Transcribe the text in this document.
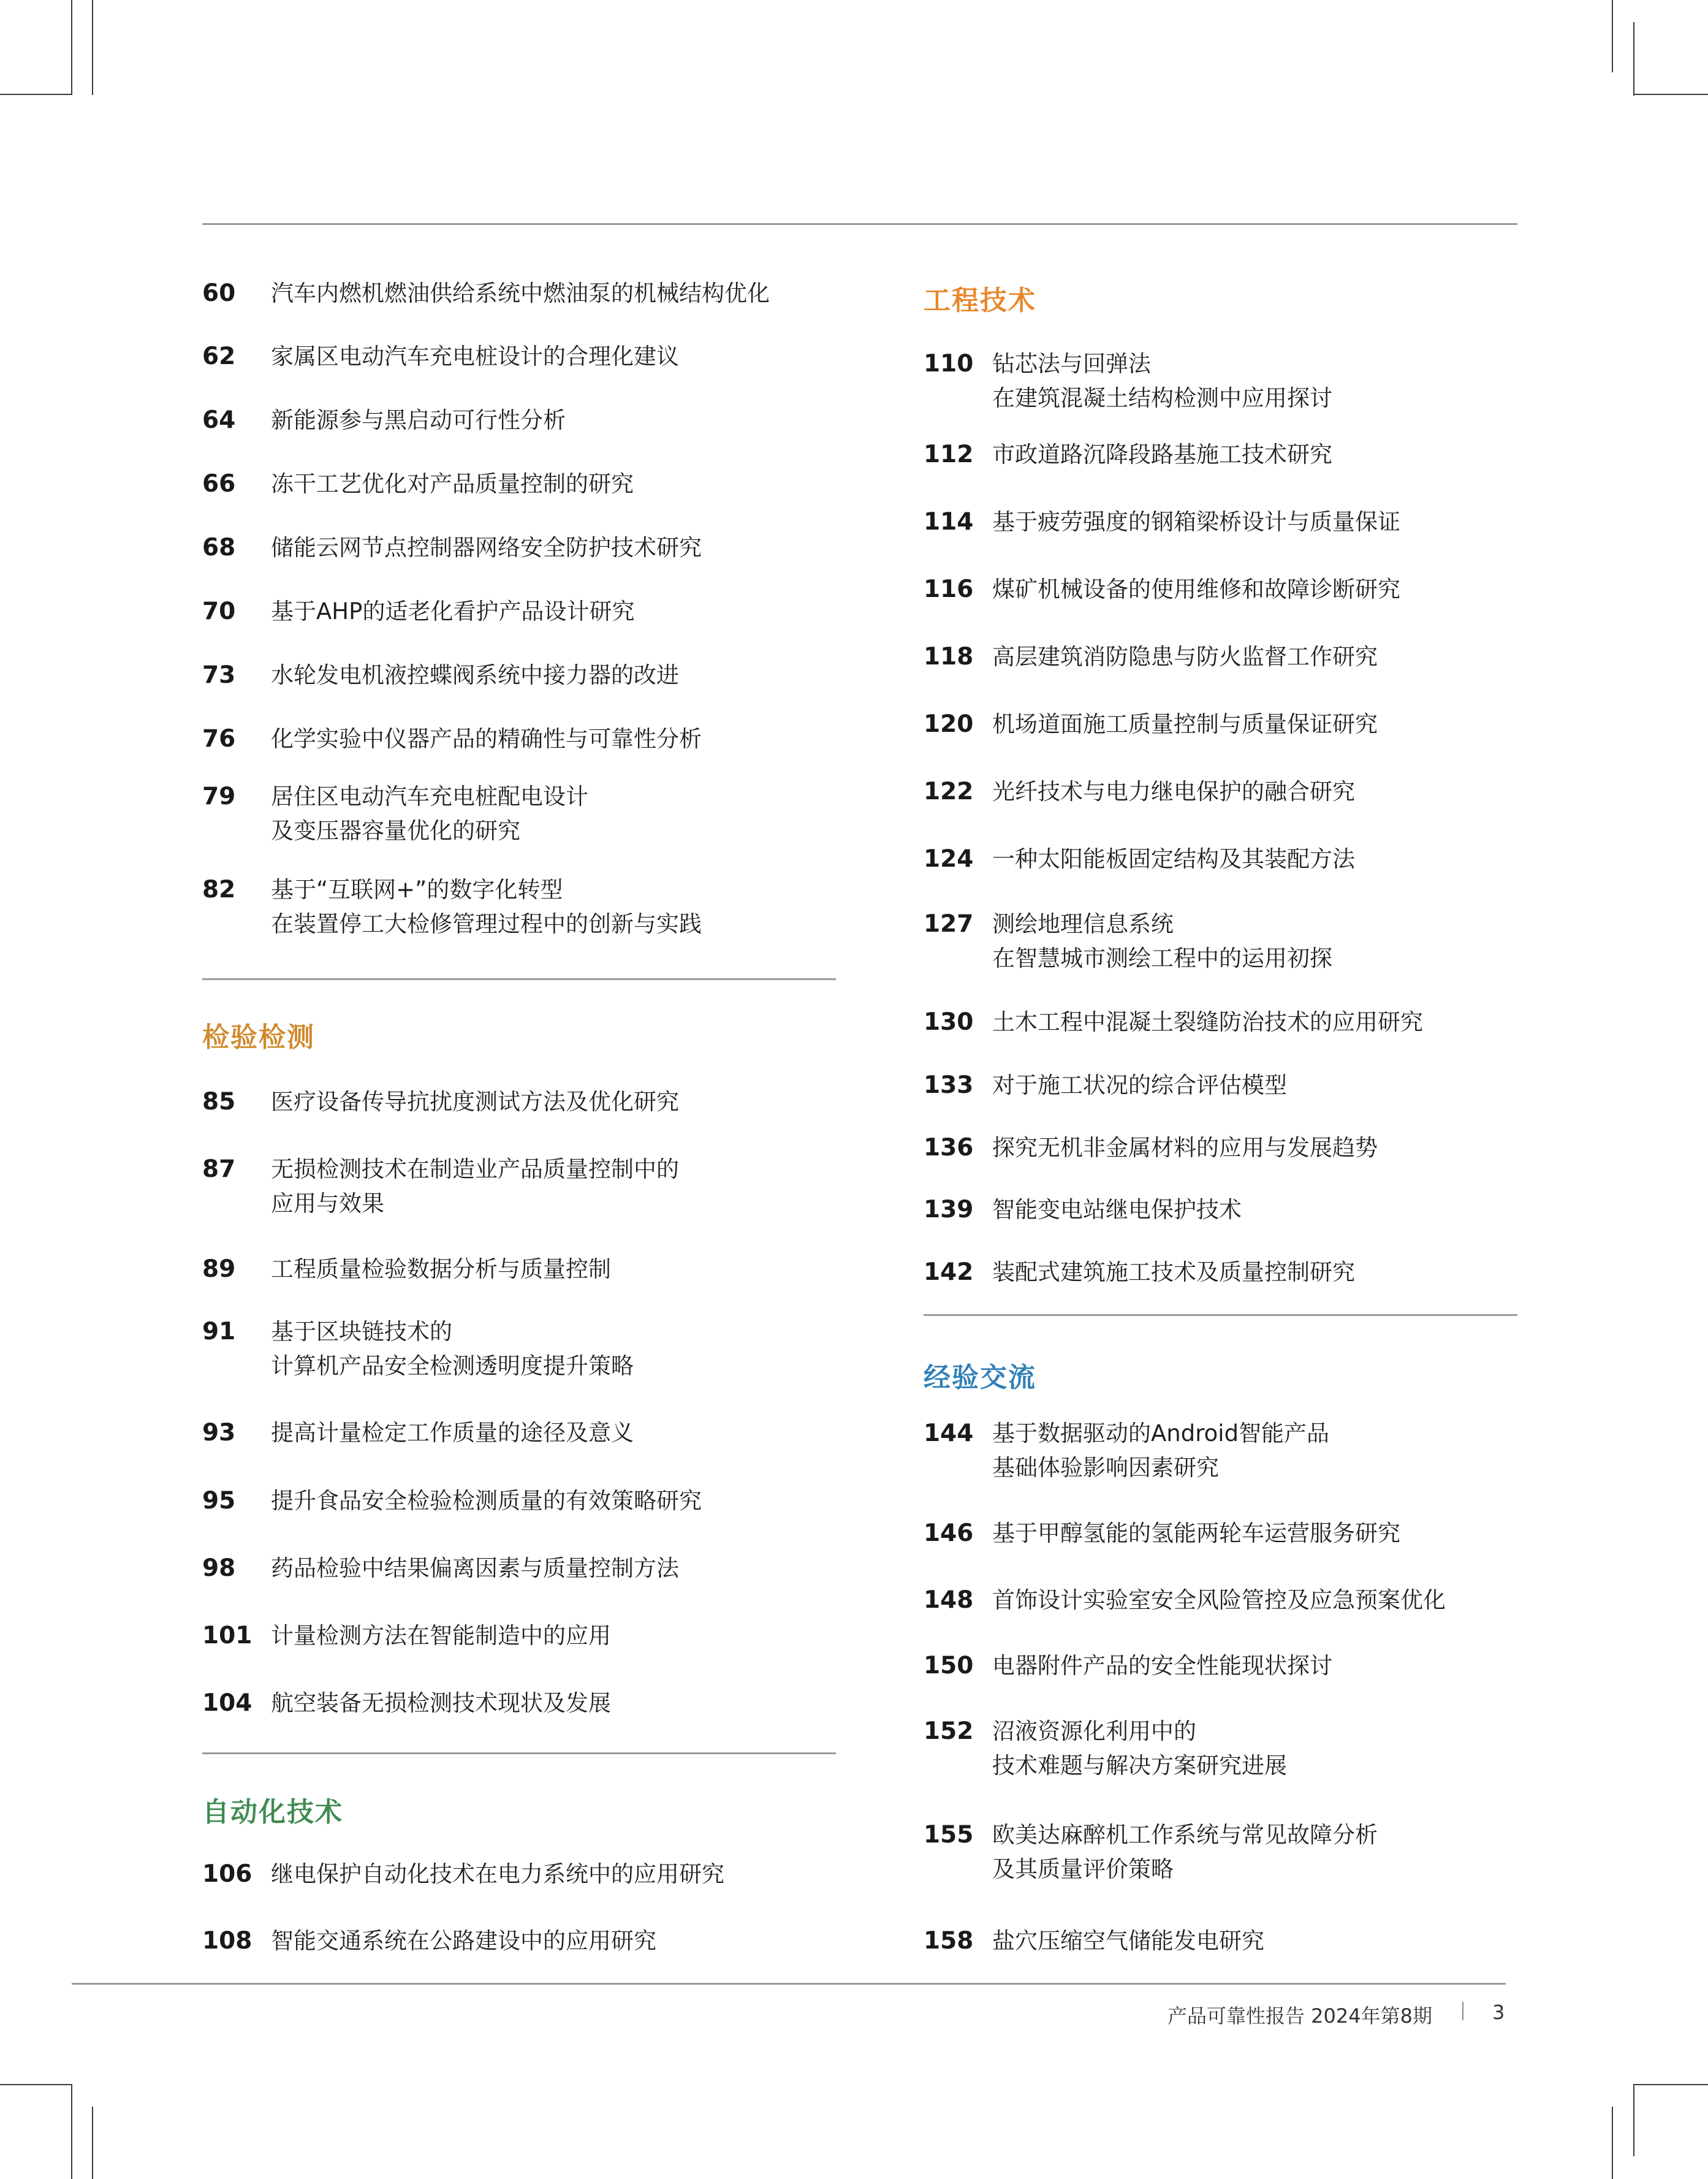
60	汽车内燃机燃油供给系统中燃油泵的机械结构优化
62	家属区电动汽车充电桩设计的合理化建议
64	新能源参与黑启动可行性分析
66	冻干工艺优化对产品质量控制的研究
68	储能云网节点控制器网络安全防护技术研究
70	基于AHP的适老化看护产品设计研究
73	水轮发电机液控蝶阀系统中接力器的改进
76	化学实验中仪器产品的精确性与可靠性分析
79	居住区电动汽车充电桩配电设计
及变压器容量优化的研究
82	基于“互联网+”的数字化转型
在装置停工大检修管理过程中的创新与实践
检验检测
85	医疗设备传导抗扰度测试方法及优化研究
87	无损检测技术在制造业产品质量控制中的
应用与效果
89	工程质量检验数据分析与质量控制
91	基于区块链技术的
计算机产品安全检测透明度提升策略
93	提高计量检定工作质量的途径及意义
95	提升食品安全检验检测质量的有效策略研究
98	药品检验中结果偏离因素与质量控制方法
101 计量检测方法在智能制造中的应用
104 航空装备无损检测技术现状及发展
自动化技术
106 继电保护自动化技术在电力系统中的应用研究
108 智能交通系统在公路建设中的应用研究
工程技术
110 钻芯法与回弹法
在建筑混凝土结构检测中应用探讨
112 市政道路沉降段路基施工技术研究
114 基于疲劳强度的钢箱梁桥设计与质量保证
116 煤矿机械设备的使用维修和故障诊断研究
118 高层建筑消防隐患与防火监督工作研究
120 机场道面施工质量控制与质量保证研究
122 光纤技术与电力继电保护的融合研究
124 一种太阳能板固定结构及其装配方法
127 测绘地理信息系统
在智慧城市测绘工程中的运用初探
130 土木工程中混凝土裂缝防治技术的应用研究
133 对于施工状况的综合评估模型
136 探究无机非金属材料的应用与发展趋势
139 智能变电站继电保护技术
142 装配式建筑施工技术及质量控制研究
经验交流
144 基于数据驱动的Android智能产品
基础体验影响因素研究
146 基于甲醇氢能的氢能两轮车运营服务研究
148 首饰设计实验室安全风险管控及应急预案优化
150 电器附件产品的安全性能现状探讨
152 沼液资源化利用中的
技术难题与解决方案研究进展
155 欧美达麻醉机工作系统与常见故障分析
及其质量评价策略
158 盐穴压缩空气储能发电研究
产品可靠性报告 2024年第8期	3
